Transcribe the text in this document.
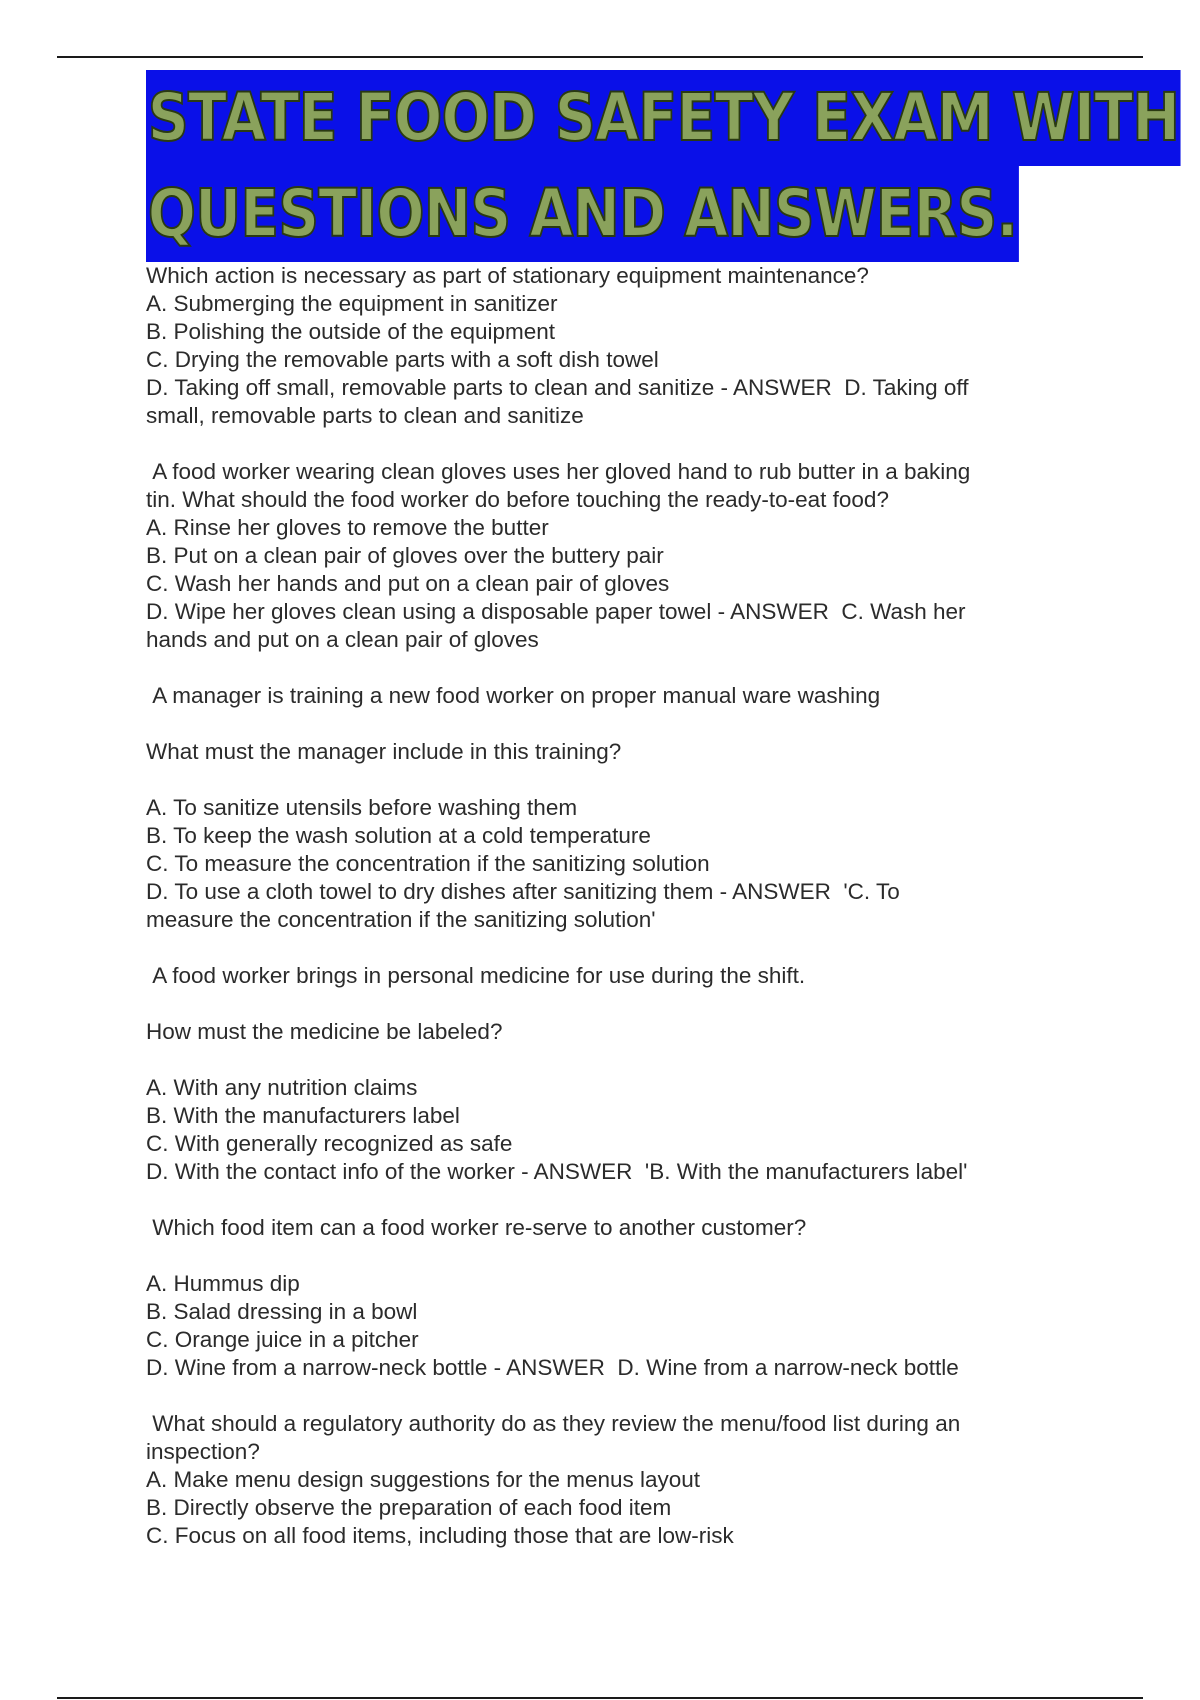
STATE FOOD SAFETY EXAM WITH
QUESTIONS AND ANSWERS.
Which action is necessary as part of stationary equipment maintenance?
A. Submerging the equipment in sanitizer
B. Polishing the outside of the equipment
C. Drying the removable parts with a soft dish towel
D. Taking off small, removable parts to clean and sanitize - ANSWER  D. Taking off
small, removable parts to clean and sanitize
A food worker wearing clean gloves uses her gloved hand to rub butter in a baking
tin. What should the food worker do before touching the ready-to-eat food?
A. Rinse her gloves to remove the butter
B. Put on a clean pair of gloves over the buttery pair
C. Wash her hands and put on a clean pair of gloves
D. Wipe her gloves clean using a disposable paper towel - ANSWER  C. Wash her
hands and put on a clean pair of gloves
A manager is training a new food worker on proper manual ware washing
What must the manager include in this training?
A. To sanitize utensils before washing them
B. To keep the wash solution at a cold temperature
C. To measure the concentration if the sanitizing solution
D. To use a cloth towel to dry dishes after sanitizing them - ANSWER  'C. To
measure the concentration if the sanitizing solution'
A food worker brings in personal medicine for use during the shift.
How must the medicine be labeled?
A. With any nutrition claims
B. With the manufacturers label
C. With generally recognized as safe
D. With the contact info of the worker - ANSWER  'B. With the manufacturers label'
Which food item can a food worker re-serve to another customer?
A. Hummus dip
B. Salad dressing in a bowl
C. Orange juice in a pitcher
D. Wine from a narrow-neck bottle - ANSWER  D. Wine from a narrow-neck bottle
What should a regulatory authority do as they review the menu/food list during an
inspection?
A. Make menu design suggestions for the menus layout
B. Directly observe the preparation of each food item
C. Focus on all food items, including those that are low-risk
